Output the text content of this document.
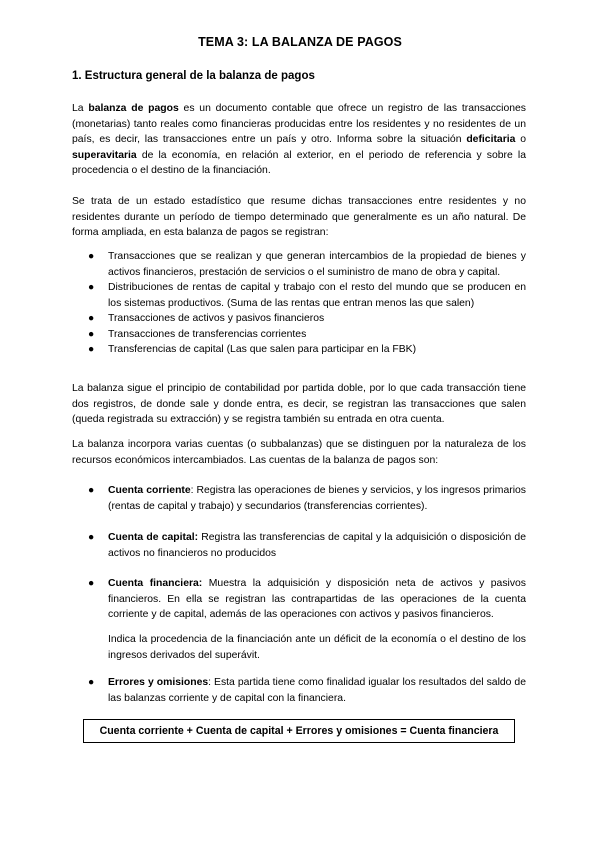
TEMA 3: LA BALANZA DE PAGOS
1. Estructura general de la balanza de pagos
La balanza de pagos es un documento contable que ofrece un registro de las transacciones (monetarias) tanto reales como financieras producidas entre los residentes y no residentes de un país, es decir, las transacciones entre un país y otro. Informa sobre la situación deficitaria o superavitaria de la economía, en relación al exterior, en el periodo de referencia y sobre la procedencia o el destino de la financiación.
Se trata de un estado estadístico que resume dichas transacciones entre residentes y no residentes durante un período de tiempo determinado que generalmente es un año natural. De forma ampliada, en esta balanza de pagos se registran:
● Transacciones que se realizan y que generan intercambios de la propiedad de bienes y activos financieros, prestación de servicios o el suministro de mano de obra y capital.
● Distribuciones de rentas de capital y trabajo con el resto del mundo que se producen en los sistemas productivos. (Suma de las rentas que entran menos las que salen)
● Transacciones de activos y pasivos financieros
● Transacciones de transferencias corrientes
● Transferencias de capital (Las que salen para participar en la FBK)
La balanza sigue el principio de contabilidad por partida doble, por lo que cada transacción tiene dos registros, de donde sale y donde entra, es decir, se registran las transacciones que salen (queda registrada su extracción) y se registra también su entrada en otra cuenta.
La balanza incorpora varias cuentas (o subbalanzas) que se distinguen por la naturaleza de los recursos económicos intercambiados. Las cuentas de la balanza de pagos son:
● Cuenta corriente: Registra las operaciones de bienes y servicios, y los ingresos primarios (rentas de capital y trabajo) y secundarios (transferencias corrientes).
● Cuenta de capital: Registra las transferencias de capital y la adquisición o disposición de activos no financieros no producidos
● Cuenta financiera: Muestra la adquisición y disposición neta de activos y pasivos financieros. En ella se registran las contrapartidas de las operaciones de la cuenta corriente y de capital, además de las operaciones con activos y pasivos financieros.
Indica la procedencia de la financiación ante un déficit de la economía o el destino de los ingresos derivados del superávit.
● Errores y omisiones: Esta partida tiene como finalidad igualar los resultados del saldo de las balanzas corriente y de capital con la financiera.
Cuenta corriente + Cuenta de capital + Errores y omisiones = Cuenta financiera
